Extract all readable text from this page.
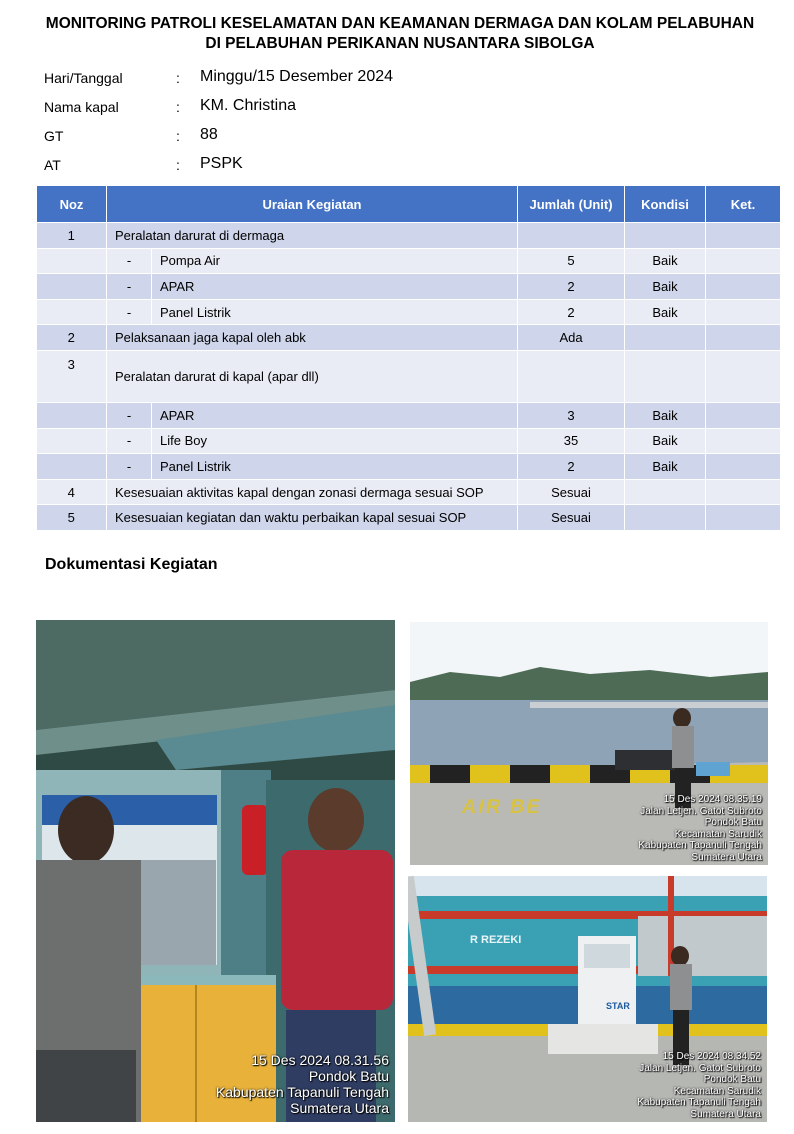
MONITORING PATROLI KESELAMATAN DAN KEAMANAN DERMAGA DAN KOLAM PELABUHAN
DI PELABUHAN PERIKANAN NUSANTARA SIBOLGA
Hari/Tanggal	: Minggu/15 Desember 2024
Nama kapal	: KM. Christina
GT	: 88
AT	: PSPK
Noz	Uraian Kegiatan		Jumlah (Unit)	Kondisi	Ket.
1	Peralatan darurat di dermaga				
	-	Pompa Air	5	Baik	
	-	APAR	2	Baik	
	-	Panel Listrik	2	Baik	
2	Pelaksanaan jaga kapal oleh abk		Ada		
3	Peralatan darurat di kapal (apar dll)				
	-	APAR	3	Baik	
	-	Life Boy	35	Baik	
	-	Panel Listrik	2	Baik	
4	Kesesuaian aktivitas kapal dengan zonasi dermaga sesuai SOP		Sesuai		
5	Kesesuaian kegiatan dan waktu perbaikan kapal sesuai SOP		Sesuai		
Dokumentasi Kegiatan
15 Des 2024 08.31.56
Pondok Batu
Kabupaten Tapanuli Tengah
Sumatera Utara
AIR BE	15 Des 2024 08.35.19
Jalan Letjen. Gatot Subroto
Pondok Batu
Kecamatan Sarudik
Kabupaten Tapanuli Tengah
Sumatera Utara
R REZEKI
STAR
15 Des 2024 08.34.52
Jalan Letjen. Gatot Subroto
Pondok Batu
Kecamatan Sarudik
Kabupaten Tapanuli Tengah
Sumatera Utara
